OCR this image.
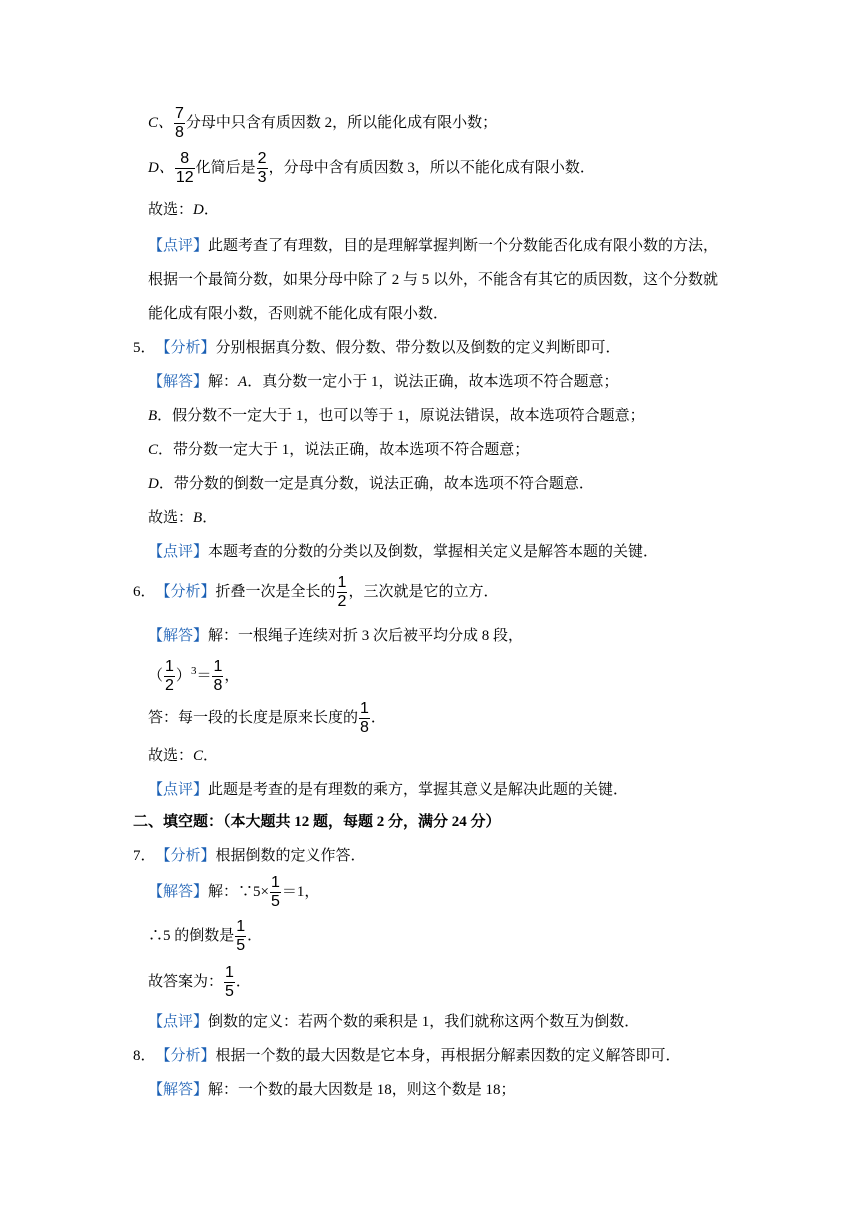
C、 $\frac{7}{8}$ 分母中只含有质因数 2，所以能化成有限小数；
D、 $\frac{8}{12}$ 化简后是 $\frac{2}{3}$ ，分母中含有质因数 3，所以不能化成有限小数．
故选： D ．
【点评】 此题考查了有理数，目的是理解掌握判断一个分数能否化成有限小数的方法，
根据一个最简分数，如果分母中除了 2 与 5 以外，不能含有其它的质因数，这个分数就
能化成有限小数，否则就不能化成有限小数．
5． 【分析】 分别根据真分数、假分数、带分数以及倒数的定义判断即可．
【解答】 解： A ．真分数一定小于 1，说法正确，故本选项不符合题意；
B ．假分数不一定大于 1，也可以等于 1，原说法错误，故本选项符合题意；
C ．带分数一定大于 1，说法正确，故本选项不符合题意；
D ．带分数的倒数一定是真分数，说法正确，故本选项不符合题意．
故选： B ．
【点评】 本题考查的分数的分类以及倒数，掌握相关定义是解答本题的关键．
6． 【分析】 折叠一次是全长的 $\frac{1}{2}$ ，三次就是它的立方．
【解答】 解：一根绳子连续对折 3 次后被平均分成 8 段，
（ $\frac{1}{2}$ ） $3 = \frac{1}{8}$ ，
答：每一段的长度是原来长度的 $\frac{1}{8}$ ．
故选： C ．
【点评】 此题是考查的是有理数的乘方，掌握其意义是解决此题的关键．
二、填空题：（本大题共 12 题，每题 2 分，满分 24 分）
7． 【分析】 根据倒数的定义作答．
【解答】 解：∵5× $\frac{1}{5} =1$，
∴5 的倒数是 $\frac{1}{5}$ ．
故答案为： $\frac{1}{5}$ ．
【点评】 倒数的定义：若两个数的乘积是 1，我们就称这两个数互为倒数．
8． 【分析】 根据一个数的最大因数是它本身，再根据分解素因数的定义解答即可．
【解答】 解：一个数的最大因数是 18，则这个数是 18；
